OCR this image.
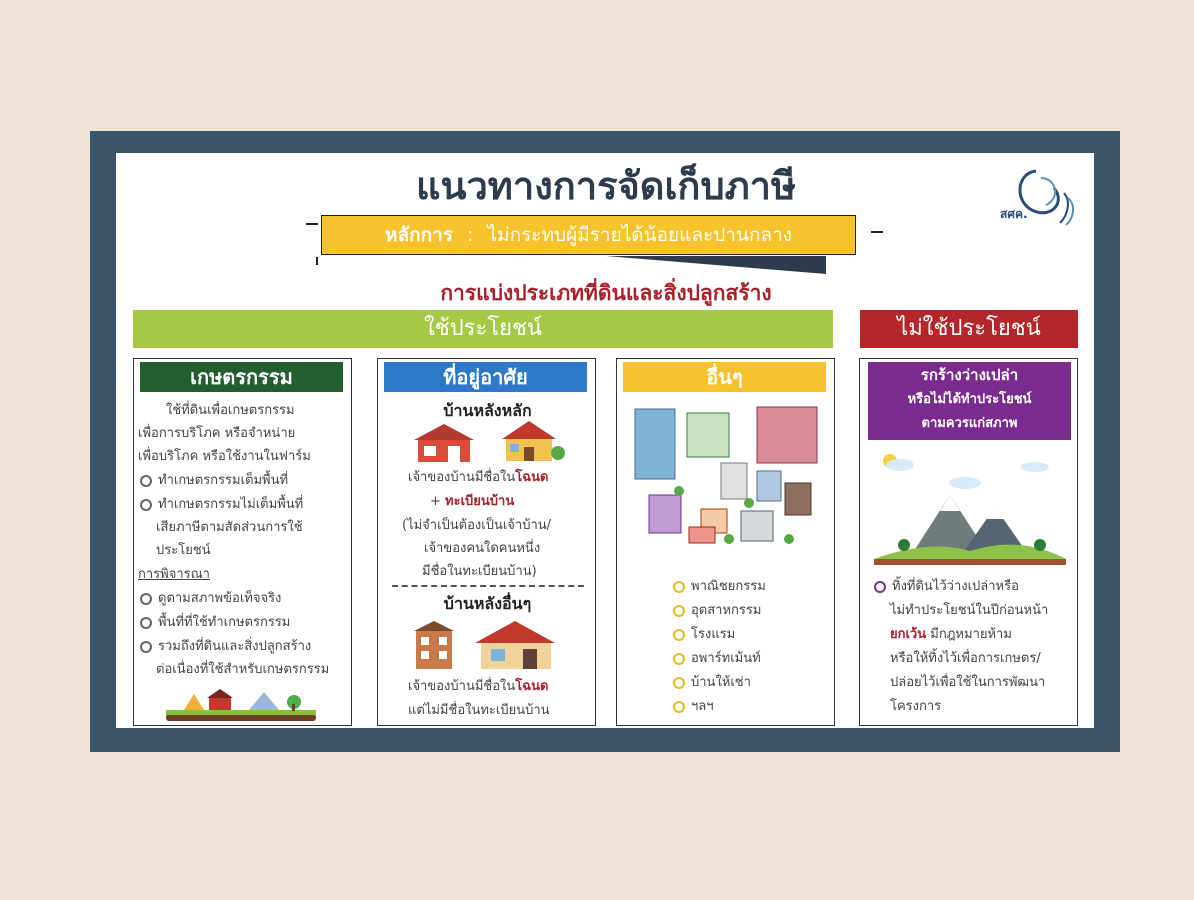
แนวทางการจัดเก็บภาษี
สศค.
หลักการ : ไม่กระทบผู้มีรายได้น้อยและปานกลาง
การแบ่งประเภทที่ดินและสิ่งปลูกสร้าง
ใช้ประโยชน์	ไม่ใช้ประโยชน์
เกษตรกรรม
ใช้ที่ดินเพื่อเกษตรกรรม
เพื่อการบริโภค หรือจำหน่าย
เพื่อบริโภค หรือใช้งานในฟาร์ม
ทำเกษตรกรรมเต็มพื้นที่
ทำเกษตรกรรมไม่เต็มพื้นที่
เสียภาษีตามสัดส่วนการใช้
ประโยชน์
การพิจารณา
ดูตามสภาพข้อเท็จจริง
พื้นที่ที่ใช้ทำเกษตรกรรม
รวมถึงที่ดินและสิ่งปลูกสร้าง
ต่อเนื่องที่ใช้สำหรับเกษตรกรรม
ที่อยู่อาศัย
บ้านหลังหลัก
เจ้าของบ้านมีชื่อในโฉนด
+ ทะเบียนบ้าน
(ไม่จำเป็นต้องเป็นเจ้าบ้าน/
เจ้าของคนใดคนหนึ่ง
มีชื่อในทะเบียนบ้าน)
บ้านหลังอื่นๆ
เจ้าของบ้านมีชื่อในโฉนด
แต่ไม่มีชื่อในทะเบียนบ้าน
อื่นๆ
พาณิชยกรรม
อุตสาหกรรม
โรงแรม
อพาร์ทเม้นท์
บ้านให้เช่า
ฯลฯ
รกร้างว่างเปล่า
หรือไม่ได้ทำประโยชน์
ตามควรแก่สภาพ
ทิ้งที่ดินไว้ว่างเปล่าหรือ
ไม่ทำประโยชน์ในปีก่อนหน้า
ยกเว้น มีกฎหมายห้าม
หรือให้ทิ้งไว้เพื่อการเกษตร/
ปล่อยไว้เพื่อใช้ในการพัฒนา
โครงการ
